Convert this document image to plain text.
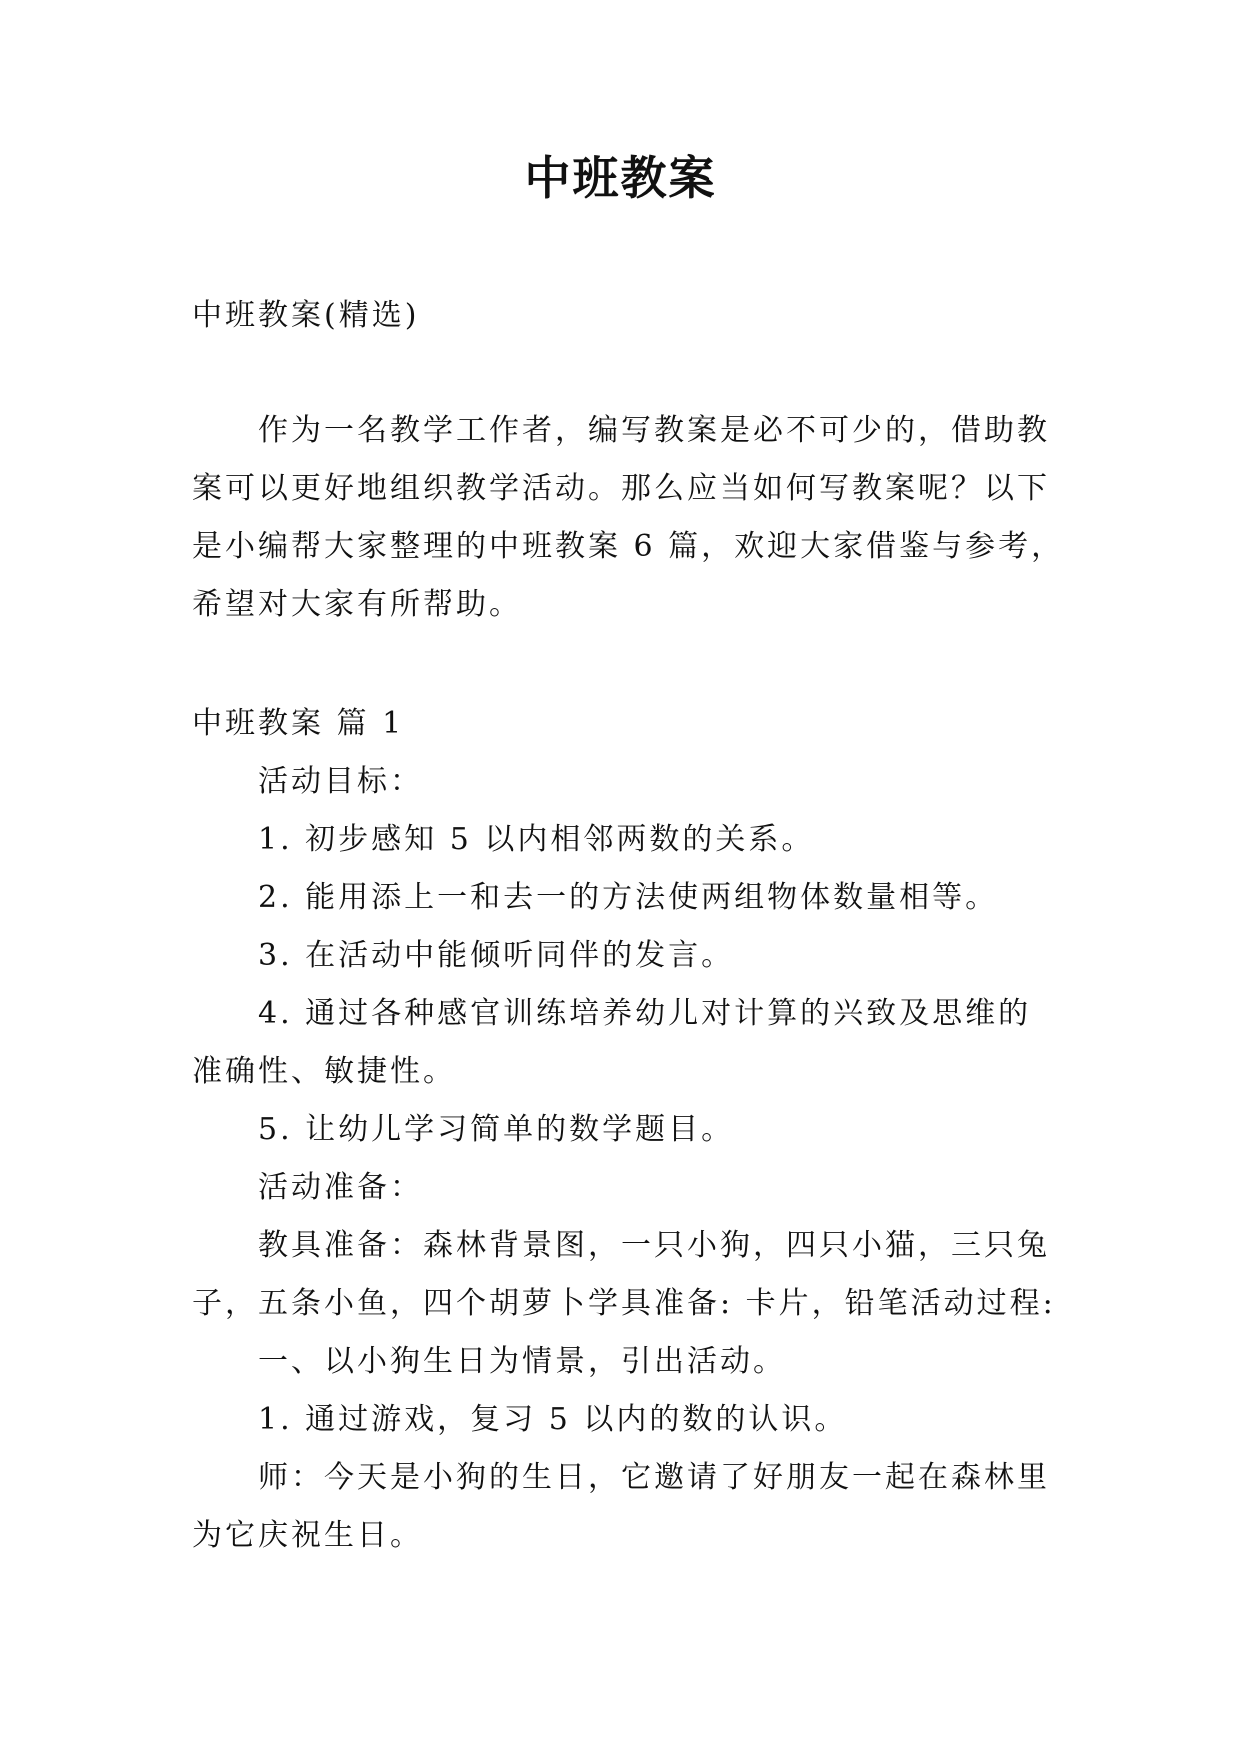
中班教案
中班教案(精选)
作为一名教学工作者，编写教案是必不可少的，借助教
案可以更好地组织教学活动。那么应当如何写教案呢？以下
是小编帮大家整理的中班教案 6 篇，欢迎大家借鉴与参考，
希望对大家有所帮助。
中班教案 篇 1
活动目标：
1. 初步感知 5 以内相邻两数的关系。
2. 能用添上一和去一的方法使两组物体数量相等。
3. 在活动中能倾听同伴的发言。
4. 通过各种感官训练培养幼儿对计算的兴致及思维的
准确性、敏捷性。
5. 让幼儿学习简单的数学题目。
活动准备：
教具准备：森林背景图，一只小狗，四只小猫，三只兔
子，五条小鱼，四个胡萝卜学具准备: 卡片，铅笔活动过程:
一、以小狗生日为情景，引出活动。
1. 通过游戏，复习 5 以内的数的认识。
师：今天是小狗的生日，它邀请了好朋友一起在森林里
为它庆祝生日。
